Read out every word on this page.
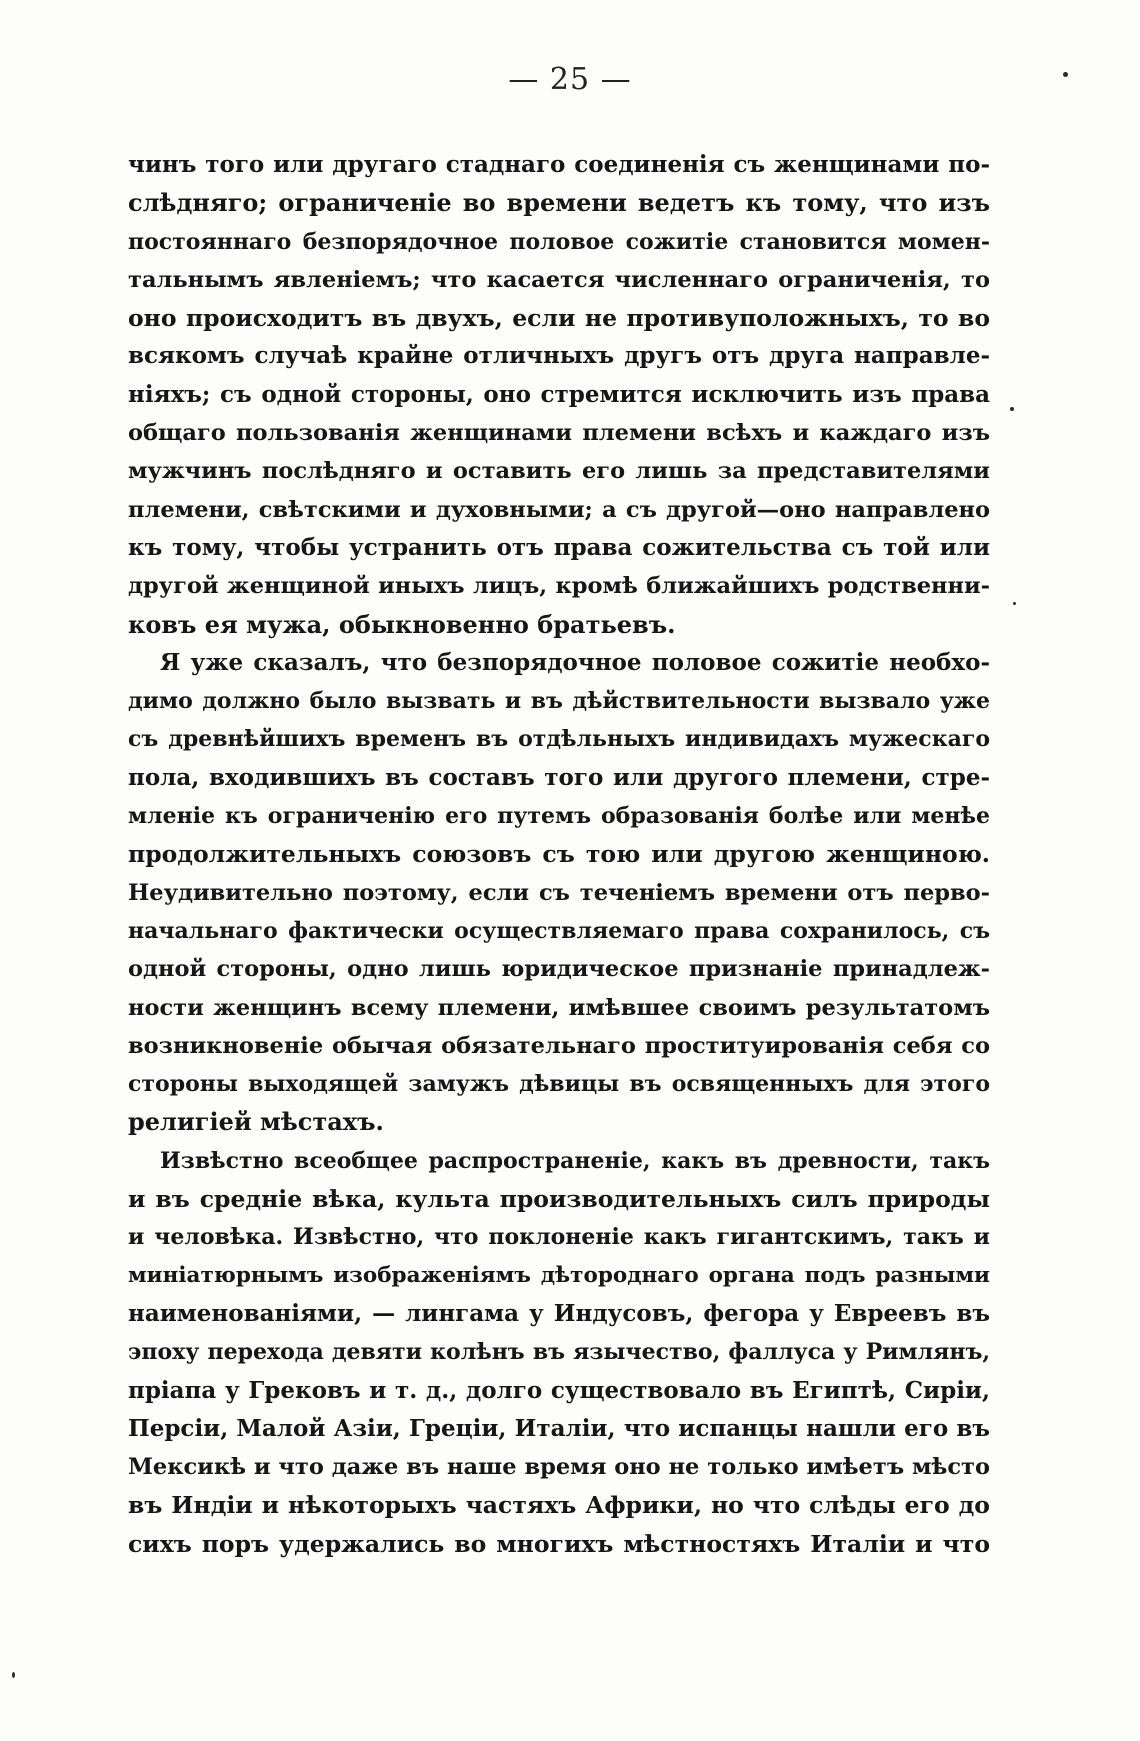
— 25 —
чинъ того или другаго стаднаго соединенія съ женщинами по-
слѣдняго; ограниченіе во времени ведетъ къ тому, что изъ
постояннаго безпорядочное половое сожитіе становится момен-
тальнымъ явленіемъ; что касается численнаго ограниченія, то
оно происходитъ въ двухъ, если не противуположныхъ, то во
всякомъ случаѣ крайне отличныхъ другъ отъ друга направле-
ніяхъ; съ одной стороны, оно стремится исключить изъ права
общаго пользованія женщинами племени всѣхъ и каждаго изъ
мужчинъ послѣдняго и оставить его лишь за представителями
племени, свѣтскими и духовными; а съ другой—оно направлено
къ тому, чтобы устранить отъ права сожительства съ той или
другой женщиной иныхъ лицъ, кромѣ ближайшихъ родственни-
ковъ ея мужа, обыкновенно братьевъ.
Я уже сказалъ, что безпорядочное половое сожитіе необхо-
димо должно было вызвать и въ дѣйствительности вызвало уже
съ древнѣйшихъ временъ въ отдѣльныхъ индивидахъ мужескаго
пола, входившихъ въ составъ того или другого племени, стре-
мленіе къ ограниченію его путемъ образованія болѣе или менѣе
продолжительныхъ союзовъ съ тою или другою женщиною.
Неудивительно поэтому, если съ теченіемъ времени отъ перво-
начальнаго фактически осуществляемаго права сохранилось, съ
одной стороны, одно лишь юридическое признаніе принадлеж-
ности женщинъ всему племени, имѣвшее своимъ результатомъ
возникновеніе обычая обязательнаго проституированія себя со
стороны выходящей замужъ дѣвицы въ освященныхъ для этого
религіей мѣстахъ.
Извѣстно всеобщее распространеніе, какъ въ древности, такъ
и въ средніе вѣка, культа производительныхъ силъ природы
и человѣка. Извѣстно, что поклоненіе какъ гигантскимъ, такъ и
миніатюрнымъ изображеніямъ дѣтороднаго органа подъ разными
наименованіями, — лингама у Индусовъ, фегора у Евреевъ въ
эпоху перехода девяти колѣнъ въ язычество, фаллуса у Римлянъ,
пріапа у Грековъ и т. д., долго существовало въ Египтѣ, Сиріи,
Персіи, Малой Азіи, Греціи, Италіи, что испанцы нашли его въ
Мексикѣ и что даже въ наше время оно не только имѣетъ мѣсто
въ Индіи и нѣкоторыхъ частяхъ Африки, но что слѣды его до
сихъ поръ удержались во многихъ мѣстностяхъ Италіи и что
